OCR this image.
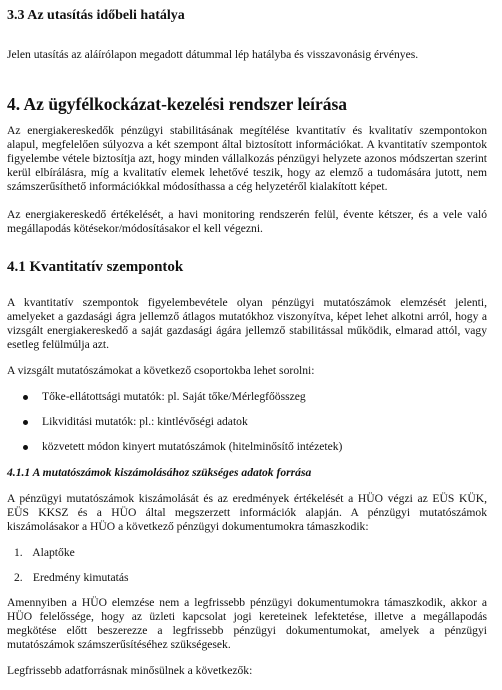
3.3 Az utasítás időbeli hatálya

Jelen utasítás az aláírólapon megadott dátummal lép hatályba és visszavonásig érvényes.

4. Az ügyfélkockázat-kezelési rendszer leírása

Az energiakereskedők pénzügyi stabilitásának megítélése kvantitatív és kvalitatív szempontokon alapul, megfelelően súlyozva a két szempont által biztosított információkat. A kvantitatív szempontok figyelembe vétele biztosítja azt, hogy minden vállalkozás pénzügyi helyzete azonos módszertan szerint kerül elbírálásra, míg a kvalitatív elemek lehetővé teszik, hogy az elemző a tudomására jutott, nem számszerűsíthető információkkal módosíthassa a cég helyzetéről kialakított képet.

Az energiakereskedő értékelését, a havi monitoring rendszerén felül, évente kétszer, és a vele való megállapodás kötésekor/módosításakor el kell végezni.

4.1 Kvantitatív szempontok

A kvantitatív szempontok figyelembevétele olyan pénzügyi mutatószámok elemzését jelenti, amelyeket a gazdasági ágra jellemző átlagos mutatókhoz viszonyítva, képet lehet alkotni arról, hogy a vizsgált energiakereskedő a saját gazdasági ágára jellemző stabilitással működik, elmarad attól, vagy esetleg felülmúlja azt.

A vizsgált mutatószámokat a következő csoportokba lehet sorolni:

Tőke-ellátottsági mutatók: pl. Saját tőke/Mérlegfőösszeg
Likviditási mutatók: pl.: kintlévőségi adatok
közvetett módon kinyert mutatószámok (hitelminősítő intézetek)
4.1.1 A mutatószámok kiszámolásához szükséges adatok forrása

A pénzügyi mutatószámok kiszámolását és az eredmények értékelését a HÜO végzi az EÜS KÜK, EÜS KKSZ és a HÜO által megszerzett információk alapján. A pénzügyi mutatószámok kiszámolásakor a HÜO a következő pénzügyi dokumentumokra támaszkodik:

1. Alaptőke
2. Eredmény kimutatás

Amennyiben a HÜO elemzése nem a legfrissebb pénzügyi dokumentumokra támaszkodik, akkor a HÜO felelőssége, hogy az üzleti kapcsolat jogi kereteinek lefektetése, illetve a megállapodás megkötése előtt beszerezze a legfrissebb pénzügyi dokumentumokat, amelyek a pénzügyi mutatószámok számszerűsítéséhez szükségesek.

Legfrissebb adatforrásnak minősülnek a következők:
